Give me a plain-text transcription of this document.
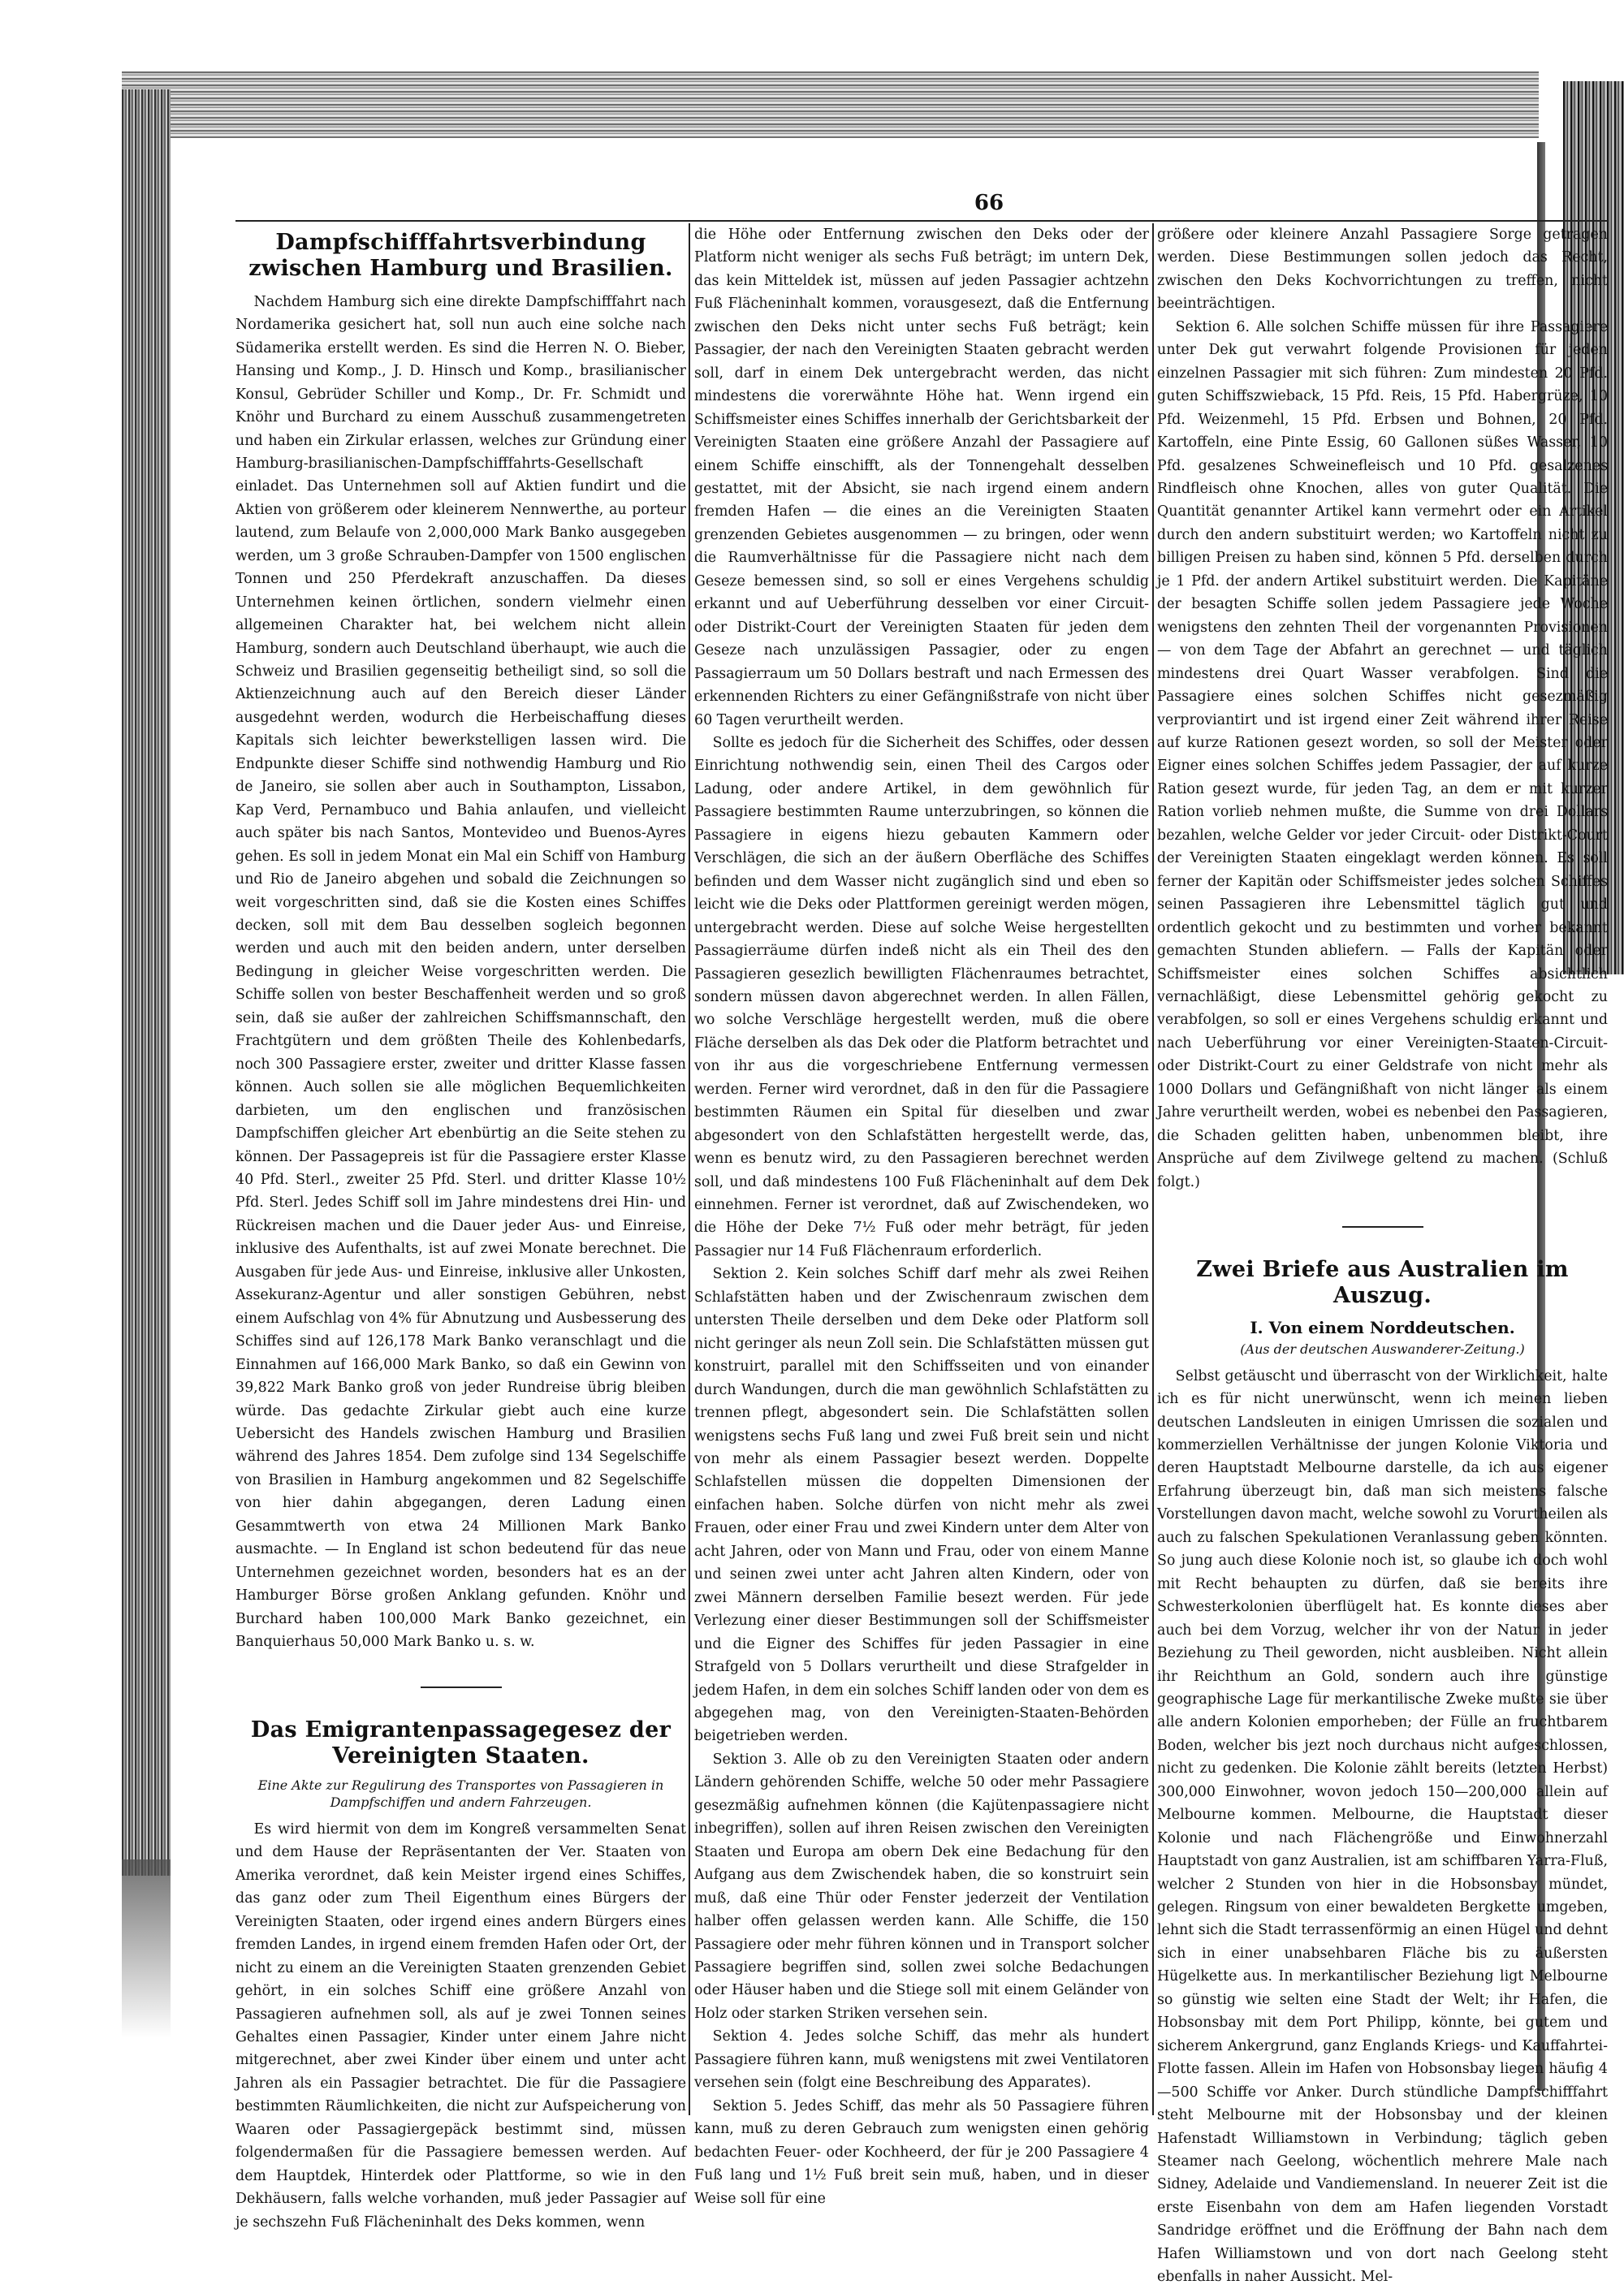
66
Dampfschifffahrtsverbindung zwischen Hamburg und Brasilien.

Nachdem Hamburg sich eine direkte Dampfschifffahrt nach Nordamerika gesichert hat, soll nun auch eine solche nach Südamerika erstellt werden. Es sind die Herren N. O. Bieber, Hansing und Komp., J. D. Hinsch und Komp., brasilianischer Konsul, Gebrüder Schiller und Komp., Dr. Fr. Schmidt und Knöhr und Burchard zu einem Ausschuß zusammengetreten und haben ein Zirkular erlassen, welches zur Gründung einer Hamburg-brasilianischen-Dampfschifffahrts-Gesellschaft einladet. Das Unternehmen soll auf Aktien fundirt und die Aktien von größerem oder kleinerem Nennwerthe, au porteur lautend, zum Belaufe von 2,000,000 Mark Banko ausgegeben werden, um 3 große Schrauben-Dampfer von 1500 englischen Tonnen und 250 Pferdekraft anzuschaffen. Da dieses Unternehmen keinen örtlichen, sondern vielmehr einen allgemeinen Charakter hat, bei welchem nicht allein Hamburg, sondern auch Deutschland überhaupt, wie auch die Schweiz und Brasilien gegenseitig betheiligt sind, so soll die Aktienzeichnung auch auf den Bereich dieser Länder ausgedehnt werden, wodurch die Herbeischaffung dieses Kapitals sich leichter bewerkstelligen lassen wird. Die Endpunkte dieser Schiffe sind nothwendig Hamburg und Rio de Janeiro, sie sollen aber auch in Southampton, Lissabon, Kap Verd, Pernambuco und Bahia anlaufen, und vielleicht auch später bis nach Santos, Montevideo und Buenos-Ayres gehen. Es soll in jedem Monat ein Mal ein Schiff von Hamburg und Rio de Janeiro abgehen und sobald die Zeichnungen so weit vorgeschritten sind, daß sie die Kosten eines Schiffes decken, soll mit dem Bau desselben sogleich begonnen werden und auch mit den beiden andern, unter derselben Bedingung in gleicher Weise vorgeschritten werden. Die Schiffe sollen von bester Beschaffenheit werden und so groß sein, daß sie außer der zahlreichen Schiffsmannschaft, den Frachtgütern und dem größten Theile des Kohlenbedarfs, noch 300 Passagiere erster, zweiter und dritter Klasse fassen können. Auch sollen sie alle möglichen Bequemlichkeiten darbieten, um den englischen und französischen Dampfschiffen gleicher Art ebenbürtig an die Seite stehen zu können. Der Passagepreis ist für die Passagiere erster Klasse 40 Pfd. Sterl., zweiter 25 Pfd. Sterl. und dritter Klasse 10½ Pfd. Sterl. Jedes Schiff soll im Jahre mindestens drei Hin- und Rückreisen machen und die Dauer jeder Aus- und Einreise, inklusive des Aufenthalts, ist auf zwei Monate berechnet. Die Ausgaben für jede Aus- und Einreise, inklusive aller Unkosten, Assekuranz-Agentur und aller sonstigen Gebühren, nebst einem Aufschlag von 4% für Abnutzung und Ausbesserung des Schiffes sind auf 126,178 Mark Banko veranschlagt und die Einnahmen auf 166,000 Mark Banko, so daß ein Gewinn von 39,822 Mark Banko groß von jeder Rundreise übrig bleiben würde. Das gedachte Zirkular giebt auch eine kurze Uebersicht des Handels zwischen Hamburg und Brasilien während des Jahres 1854. Dem zufolge sind 134 Segelschiffe von Brasilien in Hamburg angekommen und 82 Segelschiffe von hier dahin abgegangen, deren Ladung einen Gesammtwerth von etwa 24 Millionen Mark Banko ausmachte. — In England ist schon bedeutend für das neue Unternehmen gezeichnet worden, besonders hat es an der Hamburger Börse großen Anklang gefunden. Knöhr und Burchard haben 100,000 Mark Banko gezeichnet, ein Banquierhaus 50,000 Mark Banko u. s. w.

Das Emigrantenpassagegesez der Vereinigten Staaten.
Eine Akte zur Regulirung des Transportes von Passagieren in Dampfschiffen und andern Fahrzeugen.

Es wird hiermit von dem im Kongreß versammelten Senat und dem Hause der Repräsentanten der Ver. Staaten von Amerika verordnet, daß kein Meister irgend eines Schiffes, das ganz oder zum Theil Eigenthum eines Bürgers der Vereinigten Staaten, oder irgend eines andern Bürgers eines fremden Landes, in irgend einem fremden Hafen oder Ort, der nicht zu einem an die Vereinigten Staaten grenzenden Gebiet gehört, in ein solches Schiff eine größere Anzahl von Passagieren aufnehmen soll, als auf je zwei Tonnen seines Gehaltes einen Passagier, Kinder unter einem Jahre nicht mitgerechnet, aber zwei Kinder über einem und unter acht Jahren als ein Passagier betrachtet. Die für die Passagiere bestimmten Räumlichkeiten, die nicht zur Aufspeicherung von Waaren oder Passagiergepäck bestimmt sind, müssen folgendermaßen für die Passagiere bemessen werden. Auf dem Hauptdek, Hinterdek oder Plattforme, so wie in den Dekhäusern, falls welche vorhanden, muß jeder Passagier auf je sechszehn Fuß Flächeninhalt des Deks kommen, wenn

die Höhe oder Entfernung zwischen den Deks oder der Platform nicht weniger als sechs Fuß beträgt; im untern Dek, das kein Mitteldek ist, müssen auf jeden Passagier achtzehn Fuß Flächeninhalt kommen, vorausgesezt, daß die Entfernung zwischen den Deks nicht unter sechs Fuß beträgt; kein Passagier, der nach den Vereinigten Staaten gebracht werden soll, darf in einem Dek untergebracht werden, das nicht mindestens die vorerwähnte Höhe hat. Wenn irgend ein Schiffsmeister eines Schiffes innerhalb der Gerichtsbarkeit der Vereinigten Staaten eine größere Anzahl der Passagiere auf einem Schiffe einschifft, als der Tonnengehalt desselben gestattet, mit der Absicht, sie nach irgend einem andern fremden Hafen — die eines an die Vereinigten Staaten grenzenden Gebietes ausgenommen — zu bringen, oder wenn die Raumverhältnisse für die Passagiere nicht nach dem Geseze bemessen sind, so soll er eines Vergehens schuldig erkannt und auf Ueberführung desselben vor einer Circuit- oder Distrikt-Court der Vereinigten Staaten für jeden dem Geseze nach unzulässigen Passagier, oder zu engen Passagierraum um 50 Dollars bestraft und nach Ermessen des erkennenden Richters zu einer Gefängnißstrafe von nicht über 60 Tagen verurtheilt werden.

Sollte es jedoch für die Sicherheit des Schiffes, oder dessen Einrichtung nothwendig sein, einen Theil des Cargos oder Ladung, oder andere Artikel, in dem gewöhnlich für Passagiere bestimmten Raume unterzubringen, so können die Passagiere in eigens hiezu gebauten Kammern oder Verschlägen, die sich an der äußern Oberfläche des Schiffes befinden und dem Wasser nicht zugänglich sind und eben so leicht wie die Deks oder Plattformen gereinigt werden mögen, untergebracht werden. Diese auf solche Weise hergestellten Passagierräume dürfen indeß nicht als ein Theil des den Passagieren gesezlich bewilligten Flächenraumes betrachtet, sondern müssen davon abgerechnet werden. In allen Fällen, wo solche Verschläge hergestellt werden, muß die obere Fläche derselben als das Dek oder die Platform betrachtet und von ihr aus die vorgeschriebene Entfernung vermessen werden. Ferner wird verordnet, daß in den für die Passagiere bestimmten Räumen ein Spital für dieselben und zwar abgesondert von den Schlafstätten hergestellt werde, das, wenn es benutz wird, zu den Passagieren berechnet werden soll, und daß mindestens 100 Fuß Flächeninhalt auf dem Dek einnehmen. Ferner ist verordnet, daß auf Zwischendeken, wo die Höhe der Deke 7½ Fuß oder mehr beträgt, für jeden Passagier nur 14 Fuß Flächenraum erforderlich.

Sektion 2. Kein solches Schiff darf mehr als zwei Reihen Schlafstätten haben und der Zwischenraum zwischen dem untersten Theile derselben und dem Deke oder Platform soll nicht geringer als neun Zoll sein. Die Schlafstätten müssen gut konstruirt, parallel mit den Schiffsseiten und von einander durch Wandungen, durch die man gewöhnlich Schlafstätten zu trennen pflegt, abgesondert sein. Die Schlafstätten sollen wenigstens sechs Fuß lang und zwei Fuß breit sein und nicht von mehr als einem Passagier besezt werden. Doppelte Schlafstellen müssen die doppelten Dimensionen der einfachen haben. Solche dürfen von nicht mehr als zwei Frauen, oder einer Frau und zwei Kindern unter dem Alter von acht Jahren, oder von Mann und Frau, oder von einem Manne und seinen zwei unter acht Jahren alten Kindern, oder von zwei Männern derselben Familie besezt werden. Für jede Verlezung einer dieser Bestimmungen soll der Schiffsmeister und die Eigner des Schiffes für jeden Passagier in eine Strafgeld von 5 Dollars verurtheilt und diese Strafgelder in jedem Hafen, in dem ein solches Schiff landen oder von dem es abgegehen mag, von den Vereinigten-Staaten-Behörden beigetrieben werden.

Sektion 3. Alle ob zu den Vereinigten Staaten oder andern Ländern gehörenden Schiffe, welche 50 oder mehr Passagiere gesezmäßig aufnehmen können (die Kajütenpassagiere nicht inbegriffen), sollen auf ihren Reisen zwischen den Vereinigten Staaten und Europa am obern Dek eine Bedachung für den Aufgang aus dem Zwischendek haben, die so konstruirt sein muß, daß eine Thür oder Fenster jederzeit der Ventilation halber offen gelassen werden kann. Alle Schiffe, die 150 Passagiere oder mehr führen können und in Transport solcher Passagiere begriffen sind, sollen zwei solche Bedachungen oder Häuser haben und die Stiege soll mit einem Geländer von Holz oder starken Striken versehen sein.

Sektion 4. Jedes solche Schiff, das mehr als hundert Passagiere führen kann, muß wenigstens mit zwei Ventilatoren versehen sein (folgt eine Beschreibung des Apparates).

Sektion 5. Jedes Schiff, das mehr als 50 Passagiere führen kann, muß zu deren Gebrauch zum wenigsten einen gehörig bedachten Feuer- oder Kochheerd, der für je 200 Passagiere 4 Fuß lang und 1½ Fuß breit sein muß, haben, und in dieser Weise soll für eine

größere oder kleinere Anzahl Passagiere Sorge getragen werden. Diese Bestimmungen sollen jedoch das Recht, zwischen den Deks Kochvorrichtungen zu treffen, nicht beeinträchtigen.

Sektion 6. Alle solchen Schiffe müssen für ihre Passagiere unter Dek gut verwahrt folgende Provisionen für jeden einzelnen Passagier mit sich führen: Zum mindesten 20 Pfd. guten Schiffszwieback, 15 Pfd. Reis, 15 Pfd. Habergrüze, 10 Pfd. Weizenmehl, 15 Pfd. Erbsen und Bohnen, 20 Pfd. Kartoffeln, eine Pinte Essig, 60 Gallonen süßes Wasser, 10 Pfd. gesalzenes Schweinefleisch und 10 Pfd. gesalzenes Rindfleisch ohne Knochen, alles von guter Qualität. Die Quantität genannter Artikel kann vermehrt oder ein Artikel durch den andern substituirt werden; wo Kartoffeln nicht zu billigen Preisen zu haben sind, können 5 Pfd. derselben durch je 1 Pfd. der andern Artikel substituirt werden. Die Kapitäne der besagten Schiffe sollen jedem Passagiere jede Woche wenigstens den zehnten Theil der vorgenannten Provisionen — von dem Tage der Abfahrt an gerechnet — und täglich mindestens drei Quart Wasser verabfolgen. Sind die Passagiere eines solchen Schiffes nicht gesezmäßig verproviantirt und ist irgend einer Zeit während ihrer Reise auf kurze Rationen gesezt worden, so soll der Meister oder Eigner eines solchen Schiffes jedem Passagier, der auf kurze Ration gesezt wurde, für jeden Tag, an dem er mit kurzer Ration vorlieb nehmen mußte, die Summe von drei Dollars bezahlen, welche Gelder vor jeder Circuit- oder Distrikt-Court der Vereinigten Staaten eingeklagt werden können. Es soll ferner der Kapitän oder Schiffsmeister jedes solchen Schiffes seinen Passagieren ihre Lebensmittel täglich gut und ordentlich gekocht und zu bestimmten und vorher bekannt gemachten Stunden abliefern. — Falls der Kapitän oder Schiffsmeister eines solchen Schiffes absichtlich vernachläßigt, diese Lebensmittel gehörig gekocht zu verabfolgen, so soll er eines Vergehens schuldig erkannt und nach Ueberführung vor einer Vereinigten-Staaten-Circuit- oder Distrikt-Court zu einer Geldstrafe von nicht mehr als 1000 Dollars und Gefängnißhaft von nicht länger als einem Jahre verurtheilt werden, wobei es nebenbei den Passagieren, die Schaden gelitten haben, unbenommen bleibt, ihre Ansprüche auf dem Zivilwege geltend zu machen. (Schluß folgt.)

Zwei Briefe aus Australien im Auszug.
I. Von einem Norddeutschen.
(Aus der deutschen Auswanderer-Zeitung.)

Selbst getäuscht und überrascht von der Wirklichkeit, halte ich es für nicht unerwünscht, wenn ich meinen lieben deutschen Landsleuten in einigen Umrissen die sozialen und kommerziellen Verhältnisse der jungen Kolonie Viktoria und deren Hauptstadt Melbourne darstelle, da ich aus eigener Erfahrung überzeugt bin, daß man sich meistens falsche Vorstellungen davon macht, welche sowohl zu Vorurtheilen als auch zu falschen Spekulationen Veranlassung geben könnten. So jung auch diese Kolonie noch ist, so glaube ich doch wohl mit Recht behaupten zu dürfen, daß sie bereits ihre Schwesterkolonien überflügelt hat. Es konnte dieses aber auch bei dem Vorzug, welcher ihr von der Natur in jeder Beziehung zu Theil geworden, nicht ausbleiben. Nicht allein ihr Reichthum an Gold, sondern auch ihre günstige geographische Lage für merkantilische Zweke mußte sie über alle andern Kolonien emporheben; der Fülle an fruchtbarem Boden, welcher bis jezt noch durchaus nicht aufgeschlossen, nicht zu gedenken. Die Kolonie zählt bereits (letzten Herbst) 300,000 Einwohner, wovon jedoch 150—200,000 allein auf Melbourne kommen. Melbourne, die Hauptstadt dieser Kolonie und nach Flächengröße und Einwohnerzahl Hauptstadt von ganz Australien, ist am schiffbaren Yarra-Fluß, welcher 2 Stunden von hier in die Hobsonsbay mündet, gelegen. Ringsum von einer bewaldeten Bergkette umgeben, lehnt sich die Stadt terrassenförmig an einen Hügel und dehnt sich in einer unabsehbaren Fläche bis zu äußersten Hügelkette aus. In merkantilischer Beziehung ligt Melbourne so günstig wie selten eine Stadt der Welt; ihr Hafen, die Hobsonsbay mit dem Port Philipp, könnte, bei gutem und sicherem Ankergrund, ganz Englands Kriegs- und Kauffahrtei-Flotte fassen. Allein im Hafen von Hobsonsbay liegen häufig 4—500 Schiffe vor Anker. Durch stündliche Dampfschifffahrt steht Melbourne mit der Hobsonsbay und der kleinen Hafenstadt Williamstown in Verbindung; täglich geben Steamer nach Geelong, wöchentlich mehrere Male nach Sidney, Adelaide und Vandiemensland. In neuerer Zeit ist die erste Eisenbahn von dem am Hafen liegenden Vorstadt Sandridge eröffnet und die Eröffnung der Bahn nach dem Hafen Williamstown und von dort nach Geelong steht ebenfalls in naher Aussicht. Mel-
